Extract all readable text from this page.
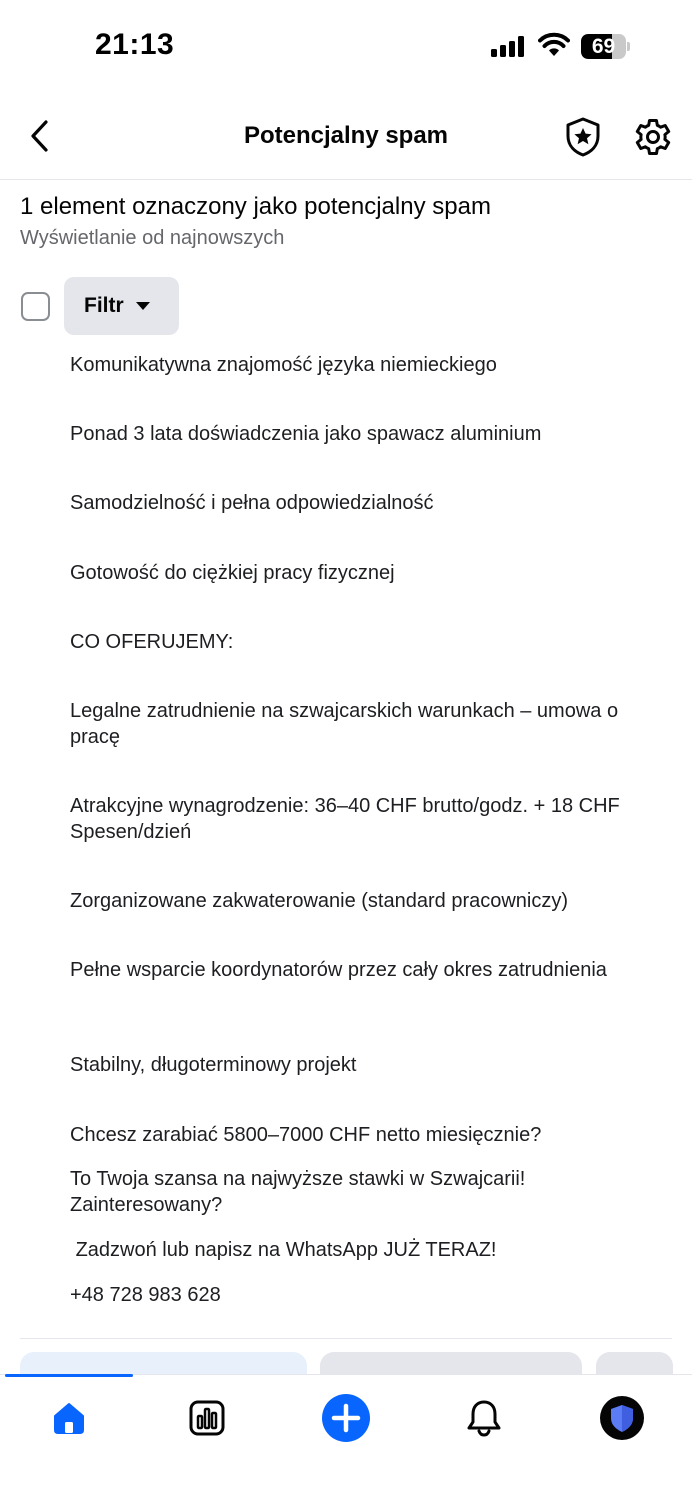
21:13	69
Potencjalny spam
1 element oznaczony jako potencjalny spam
Wyświetlanie od najnowszych
Filtr
Komunikatywna znajomość języka niemieckiego
Ponad 3 lata doświadczenia jako spawacz aluminium
Samodzielność i pełna odpowiedzialność
Gotowość do ciężkiej pracy fizycznej
CO OFERUJEMY:
Legalne zatrudnienie na szwajcarskich warunkach – umowa o pracę
Atrakcyjne wynagrodzenie: 36–40 CHF brutto/godz. + 18 CHF Spesen/dzień
Zorganizowane zakwaterowanie (standard pracowniczy)
Pełne wsparcie koordynatorów przez cały okres zatrudnienia
Stabilny, długoterminowy projekt
Chcesz zarabiać 5800–7000 CHF netto miesięcznie?
To Twoja szansa na najwyższe stawki w Szwajcarii! Zainteresowany?
Zadzwoń lub napisz na WhatsApp JUŻ TERAZ!
+48 728 983 628
